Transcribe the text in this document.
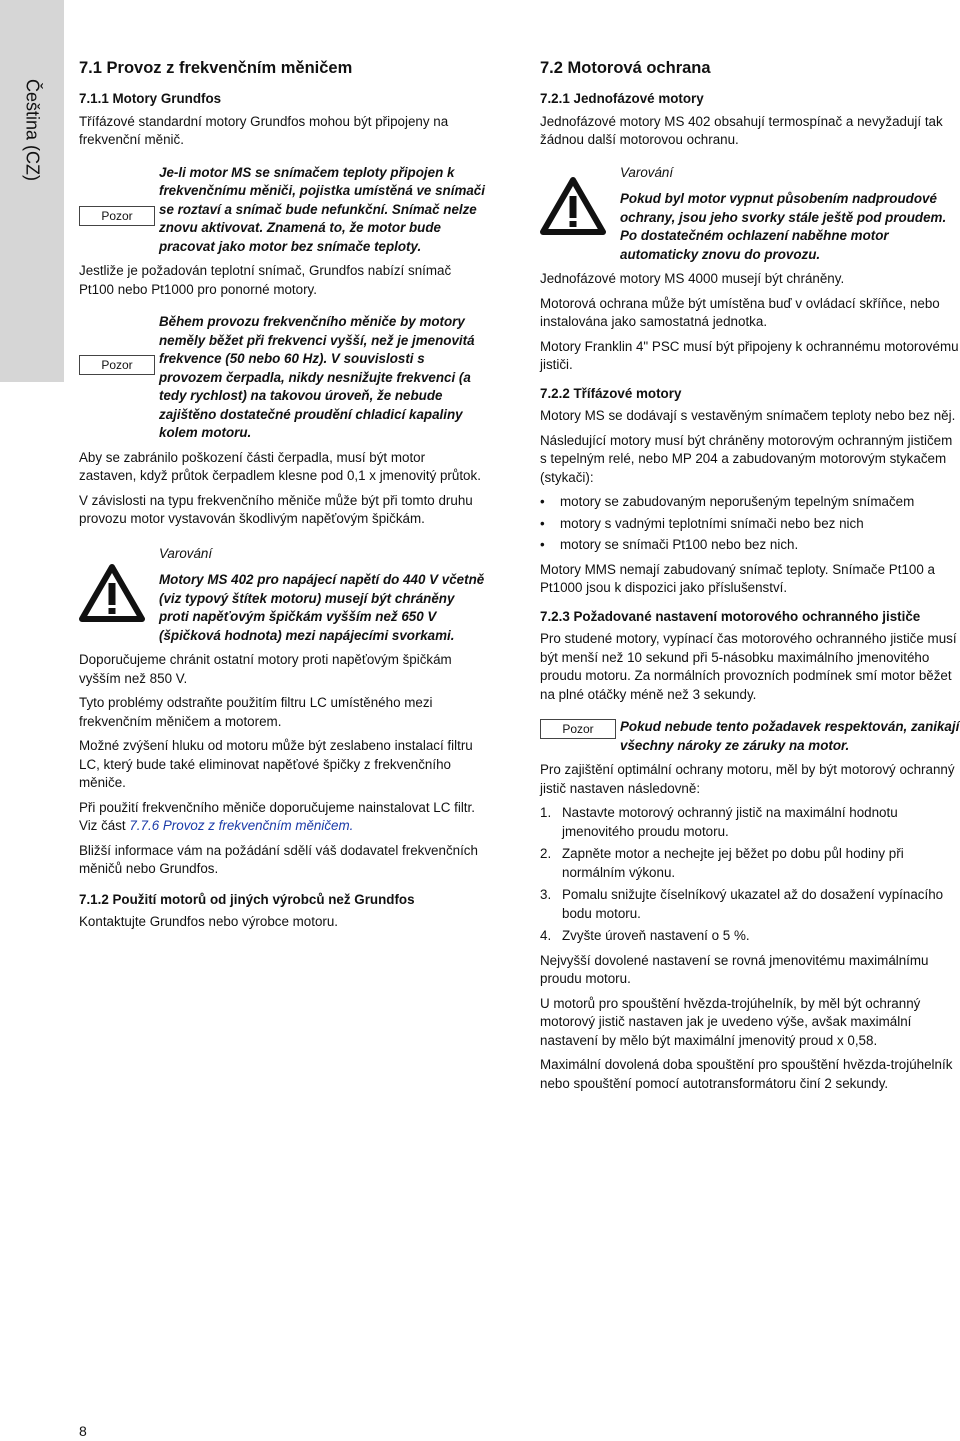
Čeština (CZ)
7.1 Provoz z frekvenčním měničem
7.1.1 Motory Grundfos

Třífázové standardní motory Grundfos mohou být připojeny na frekvenční měnič.

Pozor
Je-li motor MS se snímačem teploty připojen k frekvenčnímu měniči, pojistka umístěná ve snímači se roztaví a snímač bude nefunkční. Snímač nelze znovu aktivovat. Znamená to, že motor bude pracovat jako motor bez snímače teploty.

Jestliže je požadován teplotní snímač, Grundfos nabízí snímač Pt100 nebo Pt1000 pro ponorné motory.

Pozor
Během provozu frekvenčního měniče by motory neměly běžet při frekvenci vyšší, než je jmenovitá frekvence (50 nebo 60 Hz). V souvislosti s provozem čerpadla, nikdy nesnižujte frekvenci (a tedy rychlost) na takovou úroveň, že nebude zajištěno dostatečné proudění chladicí kapaliny kolem motoru.

Aby se zabránilo poškození části čerpadla, musí být motor zastaven, když průtok čerpadlem klesne pod 0,1 x jmenovitý průtok.

V závislosti na typu frekvenčního měniče může být při tomto druhu provozu motor vystavován škodlivým napěťovým špičkám.

Varování
Motory MS 402 pro napájecí napětí do 440 V včetně (viz typový štítek motoru) musejí být chráněny proti napěťovým špičkám vyšším než 650 V (špičková hodnota) mezi napájecími svorkami.

Doporučujeme chránit ostatní motory proti napěťovým špičkám vyšším než 850 V.

Tyto problémy odstraňte použitím filtru LC umístěného mezi frekvenčním měničem a motorem.

Možné zvýšení hluku od motoru může být zeslabeno instalací filtru LC, který bude také eliminovat napěťové špičky z frekvenčního měniče.

Při použití frekvenčního měniče doporučujeme nainstalovat LC filtr. Viz část 7.7.6 Provoz z frekvenčním měničem.

Bližší informace vám na požádání sdělí váš dodavatel frekvenčních měničů nebo Grundfos.

7.1.2 Použití motorů od jiných výrobců než Grundfos

Kontaktujte Grundfos nebo výrobce motoru.

7.2 Motorová ochrana
7.2.1 Jednofázové motory

Jednofázové motory MS 402 obsahují termospínač a nevyžadují tak žádnou další motorovou ochranu.

Varování
Pokud byl motor vypnut působením nadproudové ochrany, jsou jeho svorky stále ještě pod proudem. Po dostatečném ochlazení naběhne motor automaticky znovu do provozu.

Jednofázové motory MS 4000 musejí být chráněny.

Motorová ochrana může být umístěna buď v ovládací skříňce, nebo instalována jako samostatná jednotka.

Motory Franklin 4" PSC musí být připojeny k ochrannému motorovému jističi.

7.2.2 Třífázové motory

Motory MS se dodávají s vestavěným snímačem teploty nebo bez něj.

Následující motory musí být chráněny motorovým ochranným jističem s tepelným relé, nebo MP 204 a zabudovaným motorovým stykačem (stykači):

• motory se zabudovaným neporušeným tepelným snímačem
• motory s vadnými teplotními snímači nebo bez nich
• motory se snímači Pt100 nebo bez nich.

Motory MMS nemají zabudovaný snímač teploty. Snímače Pt100 a Pt1000 jsou k dispozici jako příslušenství.

7.2.3 Požadované nastavení motorového ochranného jističe

Pro studené motory, vypínací čas motorového ochranného jističe musí být menší než 10 sekund při 5-násobku maximálního jmenovitého proudu motoru. Za normálních provozních podmínek smí motor běžet na plné otáčky méně než 3 sekundy.

Pozor	Pokud nebude tento požadavek respektován, zanikají všechny nároky ze záruky na motor.

Pro zajištění optimální ochrany motoru, měl by být motorový ochranný jistič nastaven následovně:

1. Nastavte motorový ochranný jistič na maximální hodnotu jmenovitého proudu motoru.
2. Zapněte motor a nechejte jej běžet po dobu půl hodiny při normálním výkonu.
3. Pomalu snižujte číselníkový ukazatel až do dosažení vypínacího bodu motoru.
4. Zvyšte úroveň nastavení o 5 %.

Nejvyšší dovolené nastavení se rovná jmenovitému maximálnímu proudu motoru.

U motorů pro spouštění hvězda-trojúhelník, by měl být ochranný motorový jistič nastaven jak je uvedeno výše, avšak maximální nastavení by mělo být maximální jmenovitý proud x 0,58.

Maximální dovolená doba spouštění pro spouštění hvězda-trojúhelník nebo spouštění pomocí autotransformátoru činí 2 sekundy.

8
